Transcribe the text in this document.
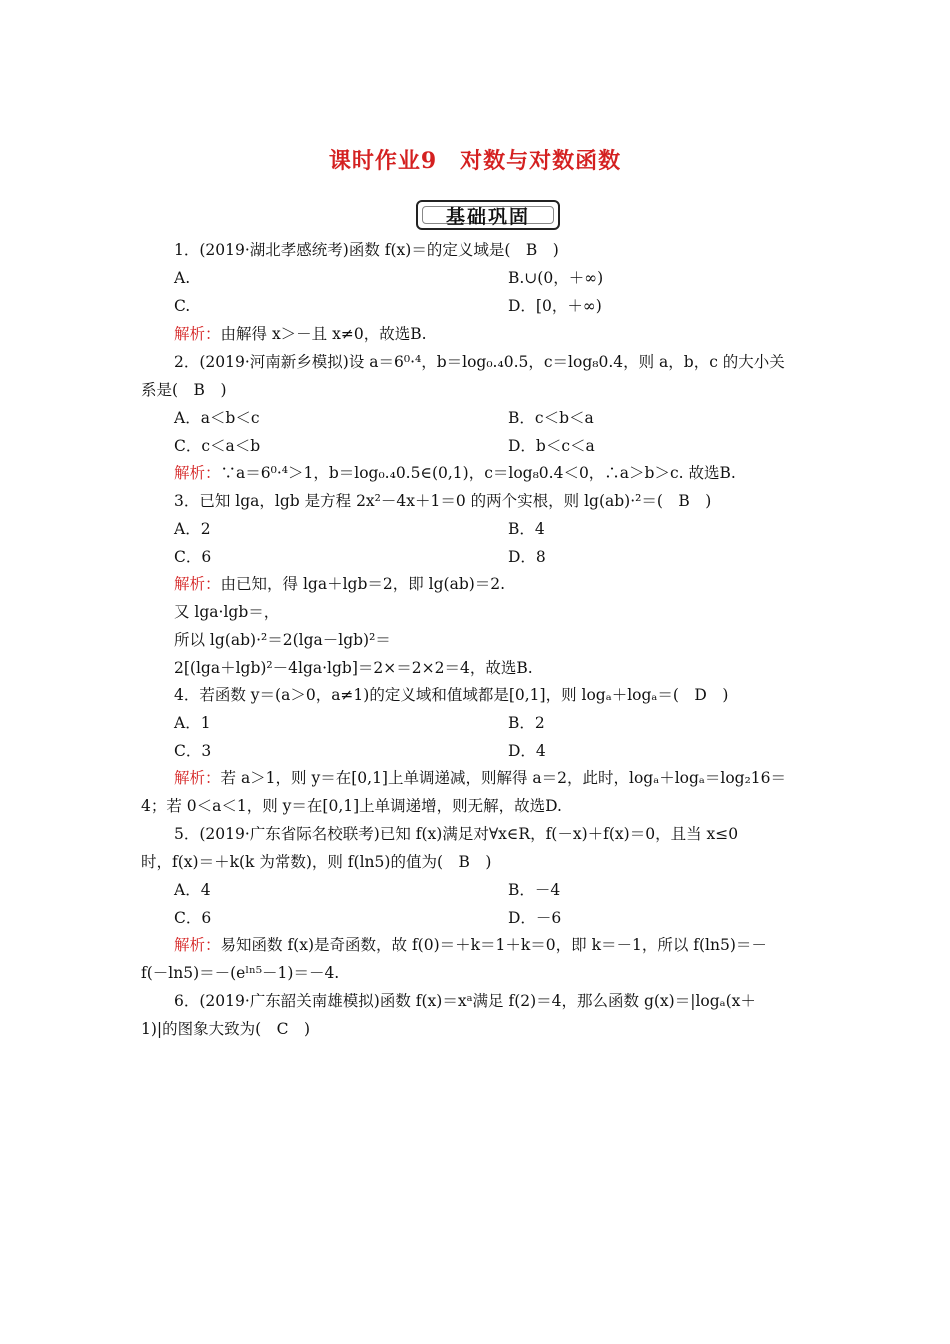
课时作业9　对数与对数函数
基础巩固
1．(2019·湖北孝感统考)函数 f(x)＝的定义域是(　B　)
A.	B.∪(0，＋∞)
C.	D．[0，＋∞)
解析：由解得 x＞－且 x≠0，故选B.
2．(2019·河南新乡模拟)设 a＝6⁰·⁴，b＝log₀.₄0.5，c＝log₈0.4，则 a，b，c 的大小关
系是(　B　)
A．a＜b＜c	B．c＜b＜a
C．c＜a＜b	D．b＜c＜a
解析：∵a＝6⁰·⁴＞1，b＝log₀.₄0.5∈(0,1)，c＝log₈0.4＜0，∴a＞b＞c. 故选B.
3．已知 lga，lgb 是方程 2x²－4x＋1＝0 的两个实根，则 lg(ab)·²＝(　B　)
A．2	B．4
C．6	D．8
解析：由已知，得 lga＋lgb＝2，即 lg(ab)＝2.
又 lga·lgb＝，
所以 lg(ab)·²＝2(lga－lgb)²＝
2[(lga＋lgb)²－4lga·lgb]＝2×＝2×2＝4，故选B.
4．若函数 y＝(a＞0，a≠1)的定义域和值域都是[0,1]，则 logₐ＋logₐ＝(　D　)
A．1	B．2
C．3	D．4
解析：若 a＞1，则 y＝在[0,1]上单调递减，则解得 a＝2，此时，logₐ＋logₐ＝log₂16＝
4；若 0＜a＜1，则 y＝在[0,1]上单调递增，则无解，故选D.
5．(2019·广东省际名校联考)已知 f(x)满足对∀x∈R，f(－x)＋f(x)＝0，且当 x≤0
时，f(x)＝＋k(k 为常数)，则 f(ln5)的值为(　B　)
A．4	B．－4
C．6	D．－6
解析：易知函数 f(x)是奇函数，故 f(0)＝＋k＝1＋k＝0，即 k＝－1，所以 f(ln5)＝－
f(－ln5)＝－(eˡⁿ⁵－1)＝－4.
6．(2019·广东韶关南雄模拟)函数 f(x)＝xᵃ满足 f(2)＝4，那么函数 g(x)＝|logₐ(x＋
1)|的图象大致为(　C　)
